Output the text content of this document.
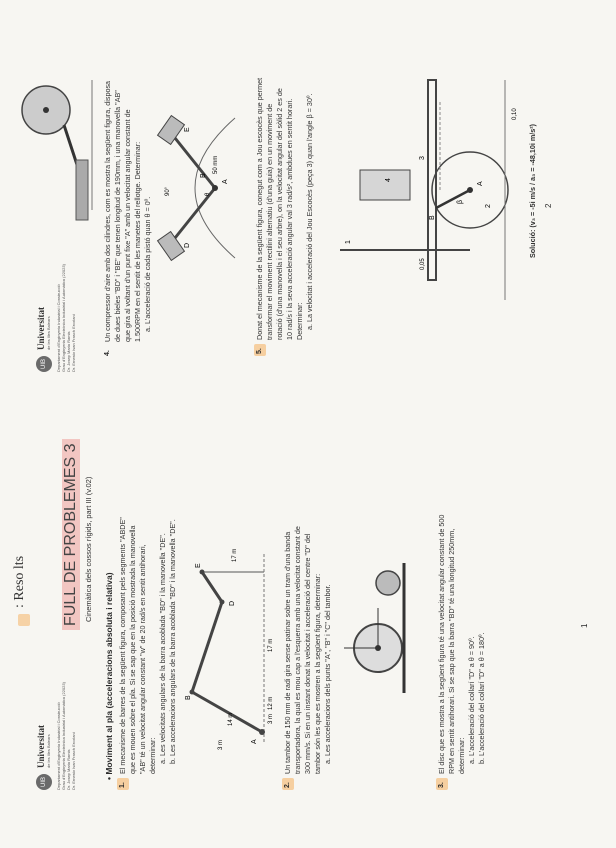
UIB
Universitat de les Illes Balears Departament d'Enginyeria Industrial i Construcció Grau d'Enginyeria Electrònica Industrial i Automàtica (22023) Dr. Josep Maria Ramis Dr. Ernesto Ivan Frasch Ercolani
: Reso lts FULL DE PROBLEMES 3 Cinemàtica dels cossos rígids, part III (v.02)
• Moviment al pla (acceleracions absoluta i relativa)
1.
El mecanisme de barres de la següent figura, composant pels segments "ABDE" que es mouen sobre el pla. Si se sap que en la posició mostrada la manovella "AB" té un velocitat angular constant "w" de 20 rad/s en sentit antihorari, determinar: a. Les velocitats angulars de la barra acoblada "BD" i la manovella "DE". b. Les acceleracions angulars de la barra acoblada "BD" i la manovella "DE".	A
B
D
E
17 m
17 m
3 m
14 m
12 m
3 m
2.
Un tambor de 150 mm de radi gira sense patinar sobre un tram d'una banda transportadora, la qual es mou cap a l'esquerra amb una velocitat constant de 300 mm/s. Si en un instant donat la velocitat i acceleració del centre "D" del tambor són les que es mostren a la següent figura, determinar: a. Les acceleracions dels punts "A", "B" i "C" del tambor.
3.
El disc que es mostra a la següent figura té una velocitat angular constant de 500 RPM en sentit antihorari. Si se sap que la barra "BD" té una longitud 250mm, determinar: a. L'acceleració del collarí "D" a θ = 90º. b. L'acceleració del collarí "D" a θ = 180º.
1
UIB
Universitat de les Illes Balears Departament d'Enginyeria Industrial i Construcció Grau d'Enginyeria Electrònica Industrial i Automàtica (22023) Dr. Josep Maria Ramis Dr. Ernesto Ivan Frasch Ercolani	4.
Un compressor d'aire amb dos cilindres, com es mostra la següent figura, disposa de dues bieles "BD" i "BE" que tenen longitud de 190mm, i una manovella "AB" que gira al voltant d'un punt fixe "A" amb un velocitat angular constant de 1.500RPM en el sentit de les manetes del rellotge. Determinar: a. L'acceleració de cada pistó quan θ = 0º.
A
B
D
E
50 mm
90°	θ
5.
Donat el mecanisme de la següent figura, conegut com a Jou escocès que permet transformar el moviment rectilini alternatiu (d'una guia) en un moviment de rotació (d'una manovella i el seu arbre), on la velocitat angular del sòlid 2 es de 10 rad/s i la seva acceleració angular val 3 rad/s², ambdues en sentit horari. Determinar: a. La velocitat i acceleració del Jou Escocès (peça 3) quan l'angle β = 30º.	B
A
β
2
3
4
1
0,05
0,10
Solució: (v₃ = -5i m/s / a₃ = -48,10i m/s²) 2
